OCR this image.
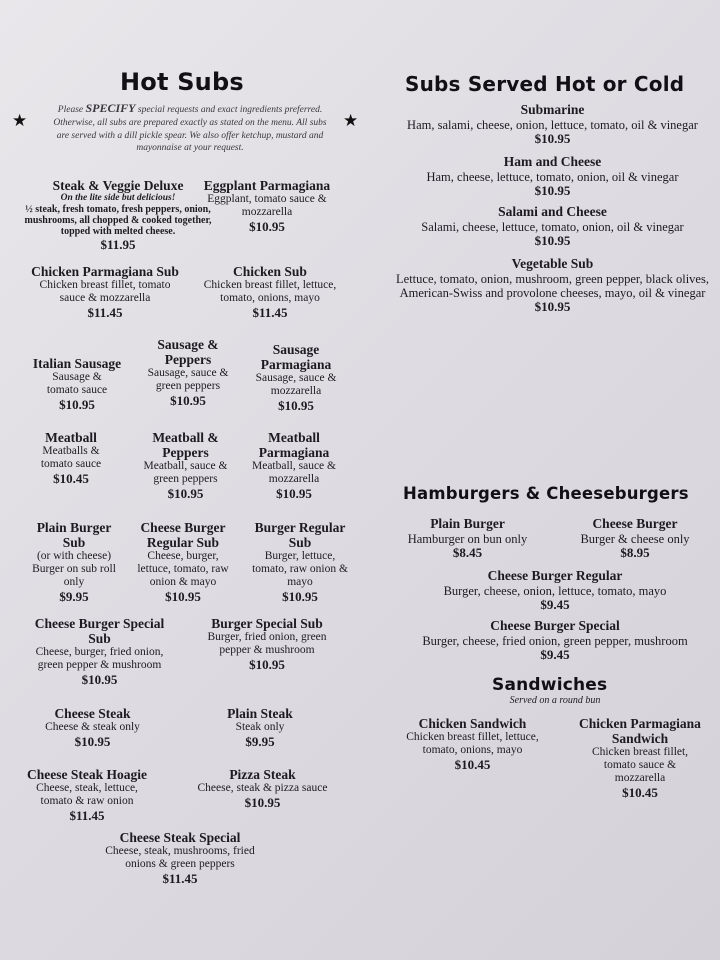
Hot Subs
★	★
Please SPECIFY special requests and exact ingredients preferred.
Otherwise, all subs are prepared exactly as stated on the menu. All subs
are served with a dill pickle spear. We also offer ketchup, mustard and
mayonnaise at your request.
Steak & Veggie Deluxe
On the lite side but delicious!
½ steak, fresh tomato, fresh peppers, onion, mushrooms, all chopped & cooked together, topped with melted cheese.
$11.95
Eggplant Parmagiana
Eggplant, tomato sauce & mozzarella
$10.95
Chicken Parmagiana Sub
Chicken breast fillet, tomato sauce & mozzarella
$11.45
Chicken Sub
Chicken breast fillet, lettuce, tomato, onions, mayo
$11.45
Italian Sausage
Sausage & tomato sauce
$10.95
Sausage & Peppers
Sausage, sauce & green peppers
$10.95
Sausage Parmagiana
Sausage, sauce & mozzarella
$10.95
Meatball
Meatballs & tomato sauce
$10.45
Meatball & Peppers
Meatball, sauce & green peppers
$10.95
Meatball Parmagiana
Meatball, sauce & mozzarella
$10.95
Plain Burger Sub
(or with cheese) Burger on sub roll only
$9.95
Cheese Burger Regular Sub
Cheese, burger, lettuce, tomato, raw onion & mayo
$10.95
Burger Regular Sub
Burger, lettuce, tomato, raw onion & mayo
$10.95
Cheese Burger Special Sub
Cheese, burger, fried onion, green pepper & mushroom
$10.95
Burger Special Sub
Burger, fried onion, green pepper & mushroom
$10.95
Cheese Steak
Cheese & steak only
$10.95
Plain Steak
Steak only
$9.95
Cheese Steak Hoagie
Cheese, steak, lettuce, tomato & raw onion
$11.45
Pizza Steak
Cheese, steak & pizza sauce
$10.95
Cheese Steak Special
Cheese, steak, mushrooms, fried onions & green peppers
$11.45
Subs Served Hot or Cold
Submarine
Ham, salami, cheese, onion, lettuce, tomato, oil & vinegar
$10.95
Ham and Cheese
Ham, cheese, lettuce, tomato, onion, oil & vinegar
$10.95
Salami and Cheese
Salami, cheese, lettuce, tomato, onion, oil & vinegar
$10.95
Vegetable Sub
Lettuce, tomato, onion, mushroom, green pepper, black olives, American-Swiss and provolone cheeses, mayo, oil & vinegar
$10.95
Hamburgers & Cheeseburgers
Plain Burger
Hamburger on bun only
$8.45
Cheese Burger
Burger & cheese only
$8.95
Cheese Burger Regular
Burger, cheese, onion, lettuce, tomato, mayo
$9.45
Cheese Burger Special
Burger, cheese, fried onion, green pepper, mushroom
$9.45
Sandwiches
Served on a round bun
Chicken Sandwich
Chicken breast fillet, lettuce, tomato, onions, mayo
$10.45
Chicken Parmagiana Sandwich
Chicken breast fillet, tomato sauce & mozzarella
$10.45
